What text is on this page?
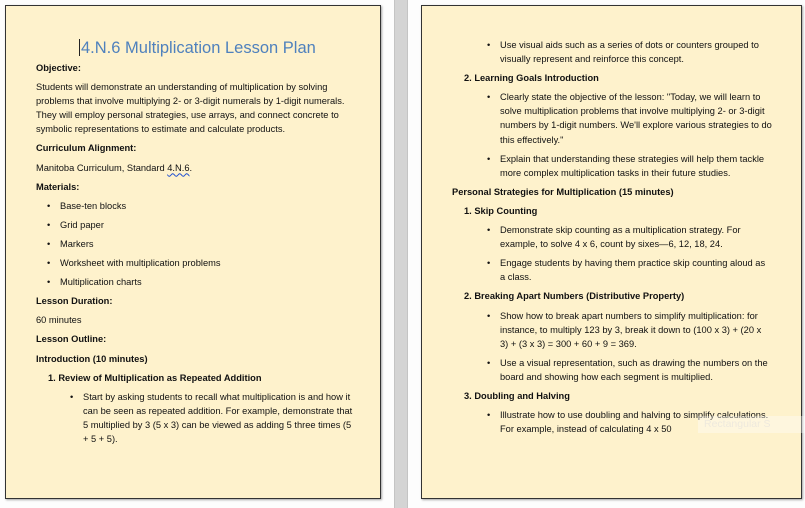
4.N.6 Multiplication Lesson Plan

Objective:

Students will demonstrate an understanding of multiplication by solving problems that involve multiplying 2- or 3-digit numerals by 1-digit numerals. They will employ personal strategies, use arrays, and connect concrete to symbolic representations to estimate and calculate products.

Curriculum Alignment:

Manitoba Curriculum, Standard 4.N.6.

Materials:

• Base-ten blocks
• Grid paper
• Markers
• Worksheet with multiplication problems
• Multiplication charts

Lesson Duration:

60 minutes

Lesson Outline:

Introduction (10 minutes)

1. Review of Multiplication as Repeated Addition

• Start by asking students to recall what multiplication is and how it can be seen as repeated addition. For example, demonstrate that 5 multiplied by 3 (5 x 3) can be viewed as adding 5 three times (5 + 5 + 5).
• Use visual aids such as a series of dots or counters grouped to visually represent and reinforce this concept.

2. Learning Goals Introduction

• Clearly state the objective of the lesson: "Today, we will learn to solve multiplication problems that involve multiplying 2- or 3-digit numbers by 1-digit numbers. We'll explore various strategies to do this effectively."
• Explain that understanding these strategies will help them tackle more complex multiplication tasks in their future studies.

Personal Strategies for Multiplication (15 minutes)

1. Skip Counting

• Demonstrate skip counting as a multiplication strategy. For example, to solve 4 x 6, count by sixes—6, 12, 18, 24.
• Engage students by having them practice skip counting aloud as a class.

2. Breaking Apart Numbers (Distributive Property)

• Show how to break apart numbers to simplify multiplication: for instance, to multiply 123 by 3, break it down to (100 x 3) + (20 x 3) + (3 x 3) = 300 + 60 + 9 = 369.
• Use a visual representation, such as drawing the numbers on the board and showing how each segment is multiplied.

3. Doubling and Halving

• Illustrate how to use doubling and halving to simplify calculations. For example, instead of calculating 4 x 50	Rectangular S
